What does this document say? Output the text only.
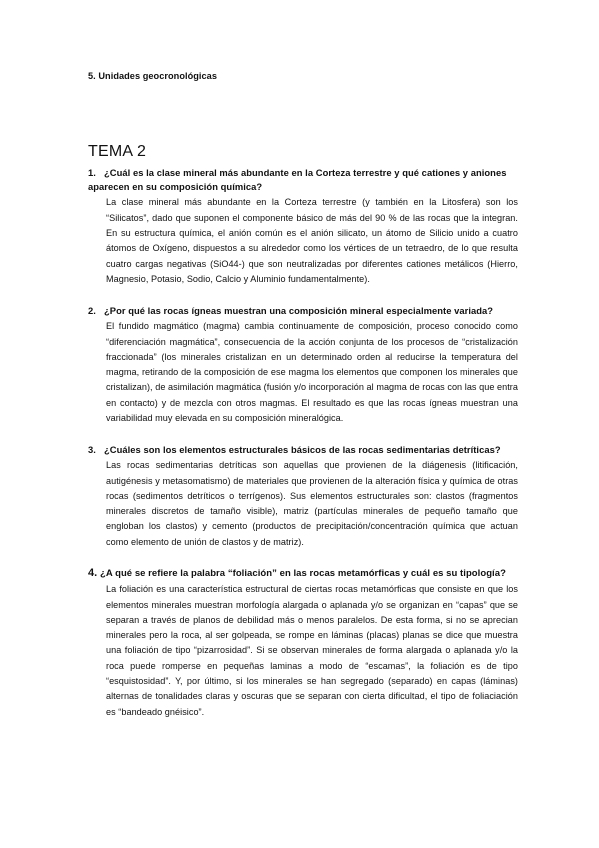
5. Unidades geocronológicas
TEMA 2
1. ¿Cuál es la clase mineral más abundante en la Corteza terrestre y qué cationes y aniones aparecen en su composición química?
La clase mineral más abundante en la Corteza terrestre (y también en la Litosfera) son los “Silicatos”, dado que suponen el componente básico de más del 90 % de las rocas que la integran. En su estructura química, el anión común es el anión silicato, un átomo de Silicio unido a cuatro átomos de Oxígeno, dispuestos a su alrededor como los vértices de un tetraedro, de lo que resulta cuatro cargas negativas (SiO44-) que son neutralizadas por diferentes cationes metálicos (Hierro, Magnesio, Potasio, Sodio, Calcio y Aluminio fundamentalmente).
2. ¿Por qué las rocas ígneas muestran una composición mineral especialmente variada?
El fundido magmático (magma) cambia continuamente de composición, proceso conocido como “diferenciación magmática”, consecuencia de la acción conjunta de los procesos de “cristalización fraccionada” (los minerales cristalizan en un determinado orden al reducirse la temperatura del magma, retirando de la composición de ese magma los elementos que componen los minerales que cristalizan), de asimilación magmática (fusión y/o incorporación al magma de rocas con las que entra en contacto) y de mezcla con otros magmas. El resultado es que las rocas ígneas muestran una variabilidad muy elevada en su composición mineralógica.
3. ¿Cuáles son los elementos estructurales básicos de las rocas sedimentarias detríticas?
Las rocas sedimentarias detríticas son aquellas que provienen de la diágenesis (litificación, autigénesis y metasomatismo) de materiales que provienen de la alteración física y química de otras rocas (sedimentos detríticos o terrígenos). Sus elementos estructurales son: clastos (fragmentos minerales discretos de tamaño visible), matriz (partículas minerales de pequeño tamaño que engloban los clastos) y cemento (productos de precipitación/concentración química que actuan como elemento de unión de clastos y de matriz).
4. ¿A qué se refiere la palabra “foliación” en las rocas metamórficas y cuál es su tipología?
La foliación es una característica estructural de ciertas rocas metamórficas que consiste en que los elementos minerales muestran morfología alargada o aplanada y/o se organizan en “capas” que se separan a través de planos de debilidad más o menos paralelos. De esta forma, si no se aprecian minerales pero la roca, al ser golpeada, se rompe en láminas (placas) planas se dice que muestra una foliación de tipo “pizarrosidad”. Si se observan minerales de forma alargada o aplanada y/o la roca puede romperse en pequeñas laminas a modo de “escamas”, la foliación es de tipo “esquistosidad”. Y, por último, si los minerales se han segregado (separado) en capas (láminas) alternas de tonalidades claras y oscuras que se separan con cierta dificultad, el tipo de foliaciación es “bandeado gnéisico”.
